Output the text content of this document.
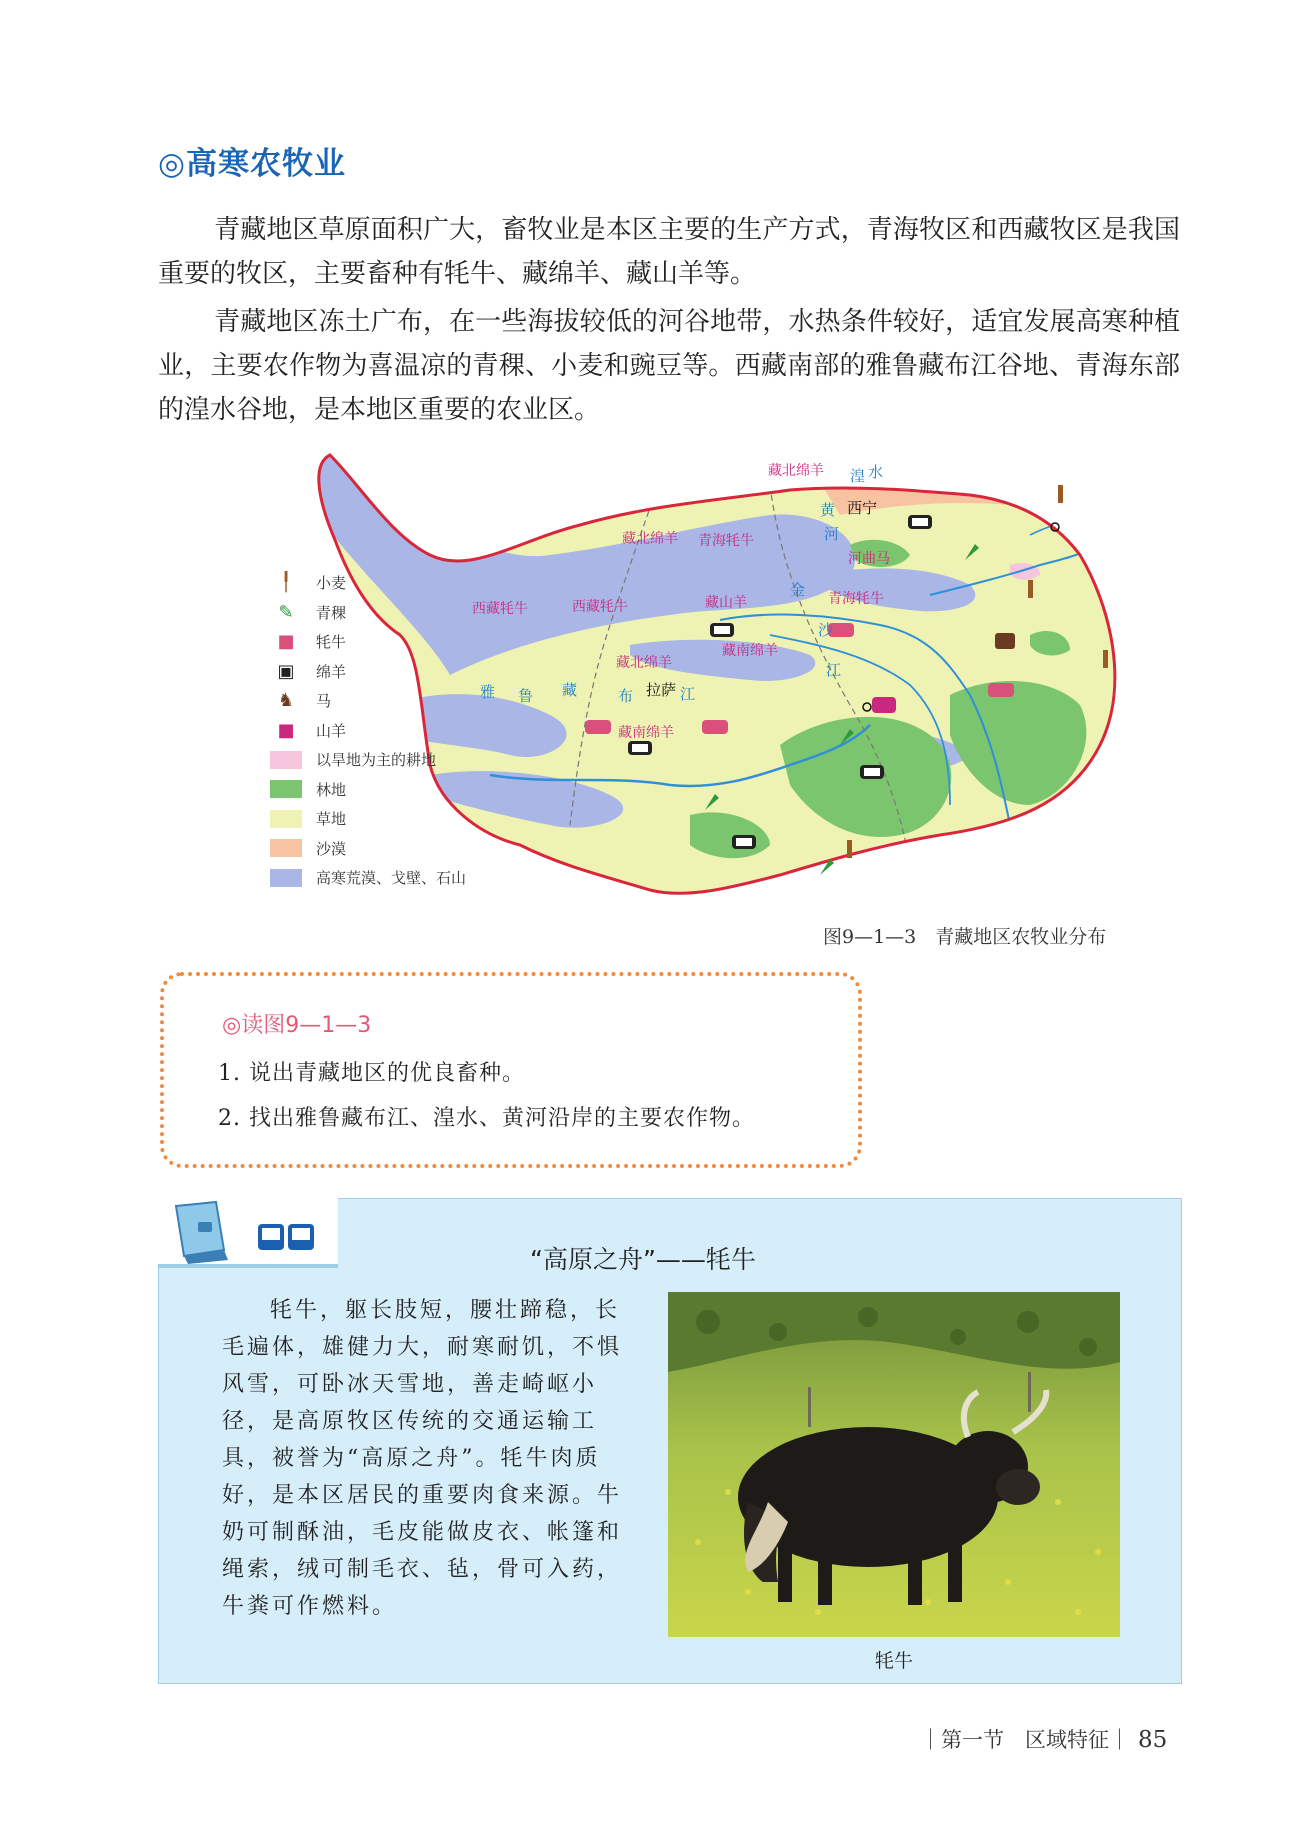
◎高寒农牧业
青藏地区草原面积广大，畜牧业是本区主要的生产方式，青海牧区和西藏牧区是我国重要的牧区，主要畜种有牦牛、藏绵羊、藏山羊等。
青藏地区冻土广布，在一些海拔较低的河谷地带，水热条件较好，适宜发展高寒种植业，主要农作物为喜温凉的青稞、小麦和豌豆等。西藏南部的雅鲁藏布江谷地、青海东部的湟水谷地，是本地区重要的农业区。
藏北绵羊
藏北绵羊
藏北绵羊
青海牦牛
青海牦牛
西藏牦牛	西藏牦牛	藏山羊
藏南绵羊
藏南绵羊
河曲马
西宁
拉萨
黄
河
湟 水
金
沙
江
雅 鲁 藏	布	江
╿	小麦
✎	青稞
■	牦牛
▣	绵羊
♞	马
■	山羊
以旱地为主的耕地
林地
草地
沙漠
高寒荒漠、戈壁、石山
图9—1—3　青藏地区农牧业分布
◎读图9—1—3
1. 说出青藏地区的优良畜种。
2. 找出雅鲁藏布江、湟水、黄河沿岸的主要农作物。
“高原之舟”——牦牛
牦牛，躯长肢短，腰壮蹄稳，长毛遍体，雄健力大，耐寒耐饥，不惧风雪，可卧冰天雪地，善走崎岖小径，是高原牧区传统的交通运输工具，被誉为“高原之舟”。牦牛肉质好，是本区居民的重要肉食来源。牛奶可制酥油，毛皮能做皮衣、帐篷和绳索，绒可制毛衣、毡，骨可入药，牛粪可作燃料。
牦牛
｜第一节　区域特征｜ 85
